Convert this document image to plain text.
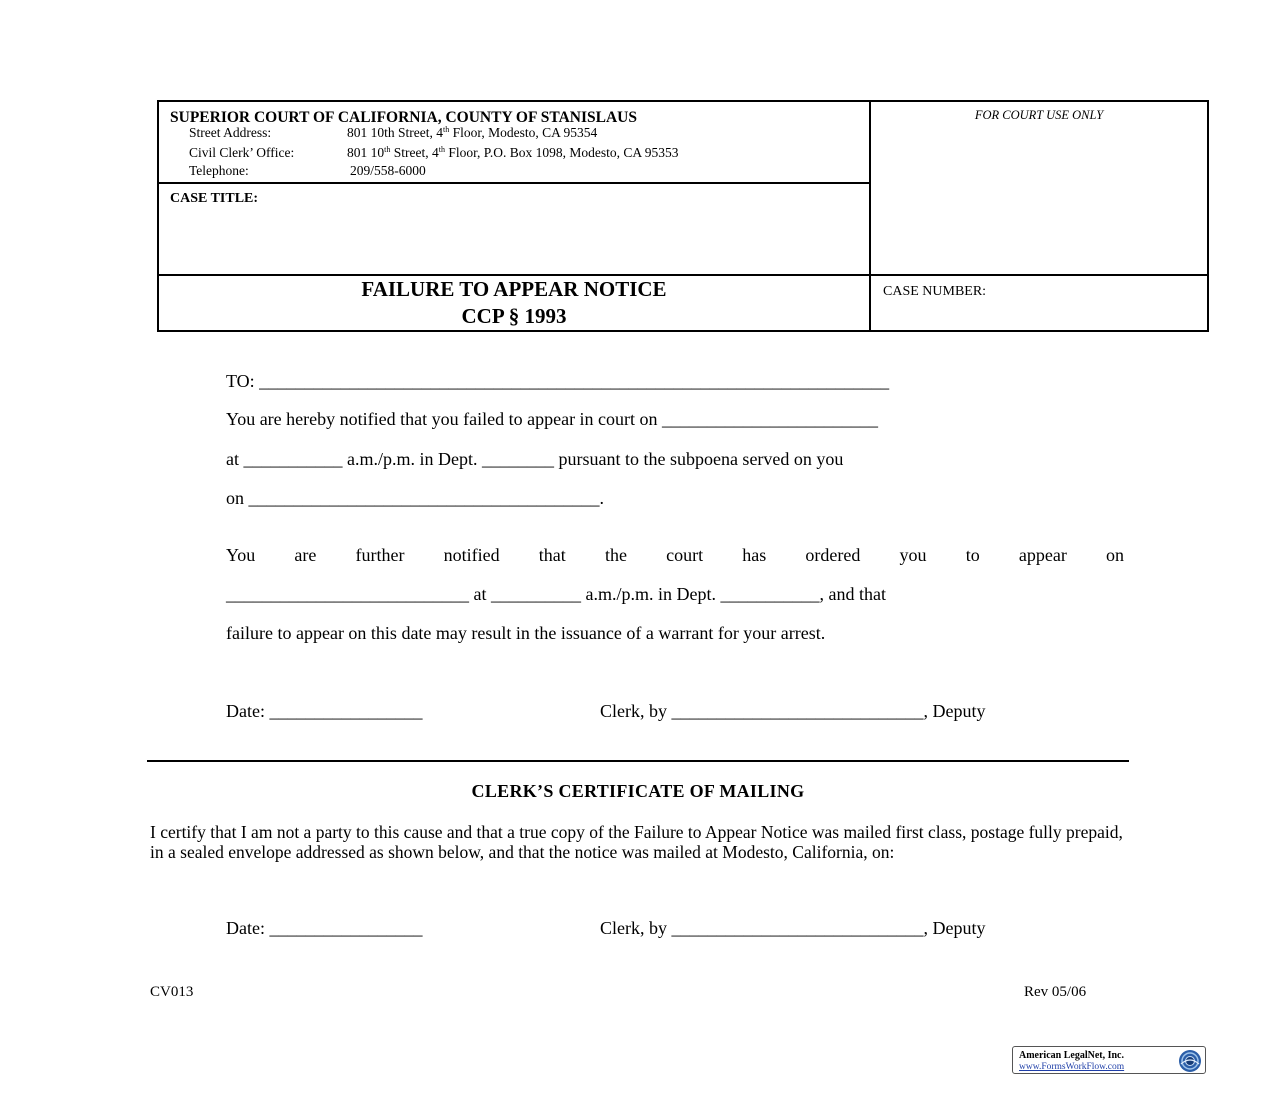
SUPERIOR COURT OF CALIFORNIA, COUNTY OF STANISLAUS
Street Address:	801 10th Street, 4th Floor, Modesto, CA 95354
Civil Clerk’ Office:	801 10th Street, 4th Floor, P.O. Box 1098, Modesto, CA 95353
Telephone:	209/558-6000
FOR COURT USE ONLY
CASE TITLE:
FAILURE TO APPEAR NOTICE
CCP § 1993
CASE NUMBER:
TO: ______________________________________________________________________
You are hereby notified that you failed to appear in court on ________________________
at ___________ a.m./p.m. in Dept. ________ pursuant to the subpoena served on you
on _______________________________________.
You are further notified that the court has ordered you to appear on
___________________________ at __________ a.m./p.m. in Dept. ___________, and that
failure to appear on this date may result in the issuance of a warrant for your arrest.
Date: _________________	Clerk, by ____________________________, Deputy
CLERK’S CERTIFICATE OF MAILING
I certify that I am not a party to this cause and that a true copy of the Failure to Appear Notice was mailed first class, postage fully prepaid, in a sealed envelope addressed as shown below, and that the notice was mailed at Modesto, California, on:
Date: _________________	Clerk, by ____________________________, Deputy
CV013	Rev 05/06
American LegalNet, Inc.
www.FormsWorkFlow.com
